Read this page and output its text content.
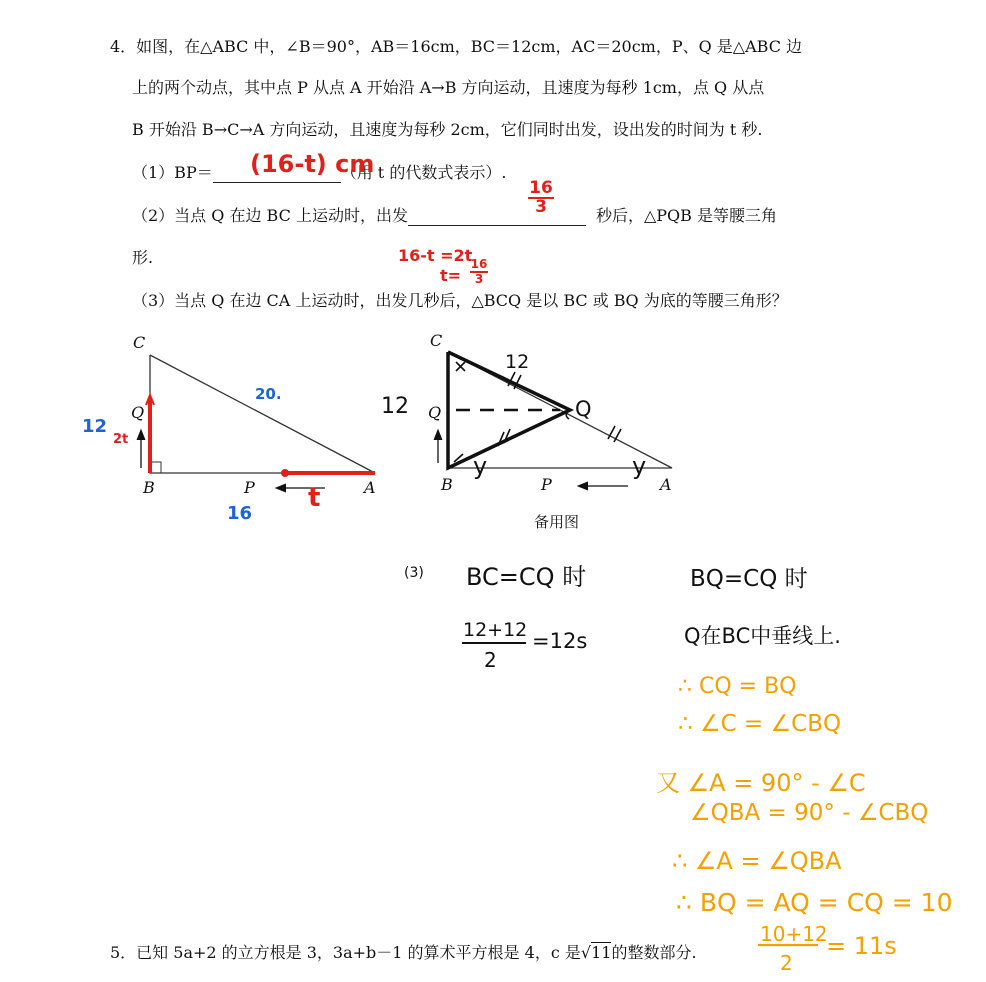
4．如图，在△ABC 中，∠B＝90°，AB＝16cm，BC＝12cm，AC＝20cm，P、Q 是△ABC 边
上的两个动点，其中点 P 从点 A 开始沿 A→B 方向运动，且速度为每秒 1cm，点 Q 从点
B 开始沿 B→C→A 方向运动，且速度为每秒 2cm，它们同时出发，设出发的时间为 t 秒.
（1）BP＝	（用 t 的代数式表示）.
（2）当点 Q 在边 BC 上运动时，出发	秒后，△PQB 是等腰三角
形.
（3）当点 Q 在边 CA 上运动时，出发几秒后，△BCQ 是以 BC 或 BQ 为底的等腰三角形？
(16-t) cm
16
3
16-t =2t
t=
16
3
C
Q
B	P	A
20.
12
2t
16
t
C
Q
B	P	A
Q
12
12
y	y
备用图
(3) BC=CQ 时
12+12
2
=12s
BQ=CQ 时
Q在BC中垂线上.
∴ CQ = BQ
∴ ∠C = ∠CBQ
又 ∠A = 90° - ∠C
∠QBA = 90° - ∠CBQ
∴ ∠A = ∠QBA
∴ BQ = AQ = CQ = 10
10+12
2
= 11s
5．已知 5a+2 的立方根是 3，3a+b－1 的算术平方根是 4，c 是√11的整数部分.
